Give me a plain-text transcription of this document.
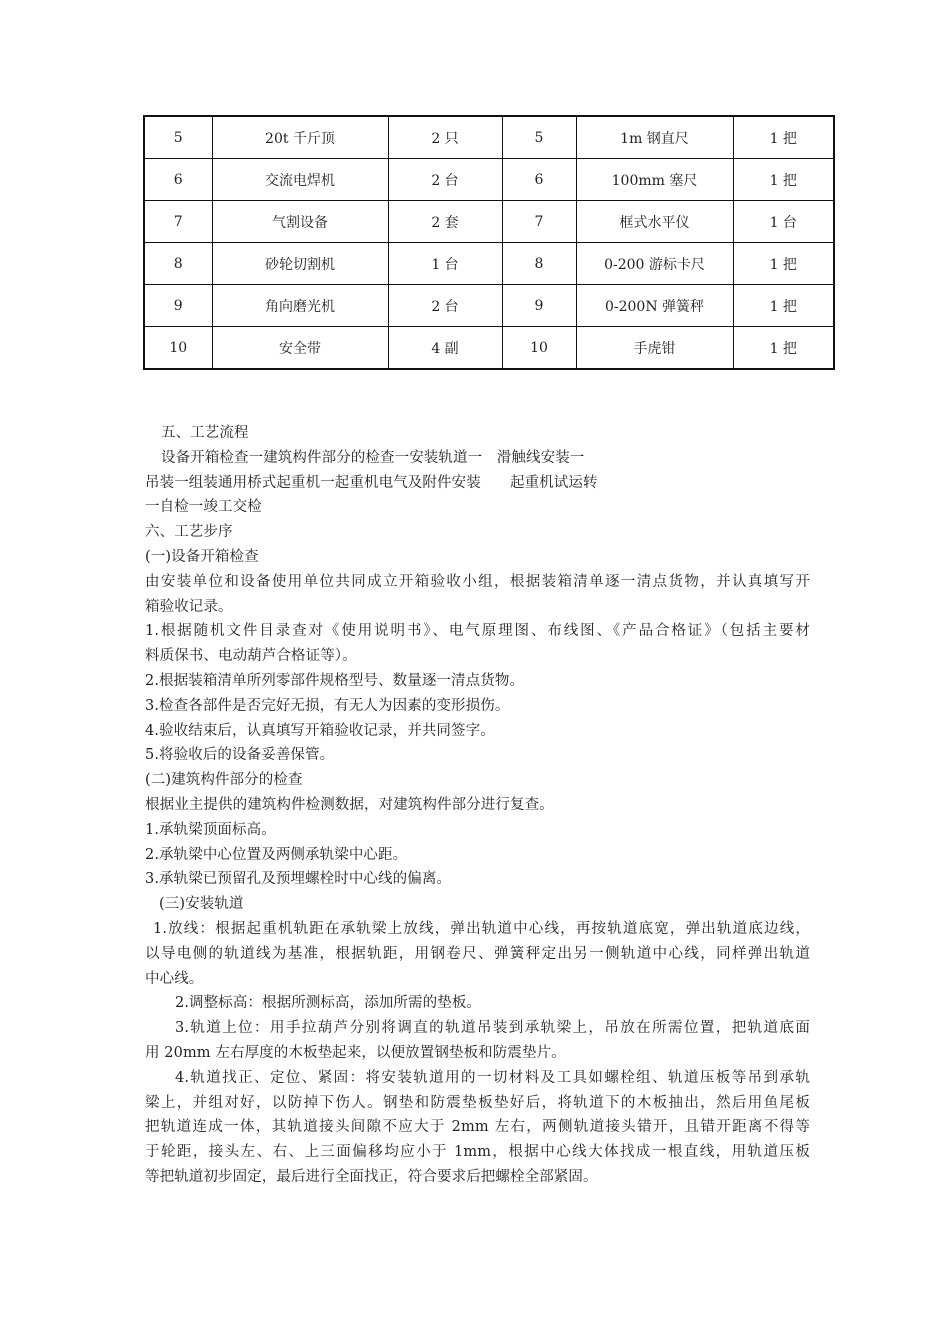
5	20t 千斤顶	2 只	5	1m 钢直尺	1 把
6	交流电焊机	2 台	6	100mm 塞尺	1 把
7	气割设备	2 套	7	框式水平仪	1 台
8	砂轮切割机	1 台	8	0-200 游标卡尺	1 把
9	角向磨光机	2 台	9	0-200N 弹簧秤	1 把
10	安全带	4 副	10	手虎钳	1 把
五、工艺流程
设备开箱检查一建筑构件部分的检查一安装轨道一　滑触线安装一
吊装一组装通用桥式起重机一起重机电气及附件安装　　起重机试运转
一自检一竣工交检
六、工艺步序
(一)设备开箱检查
由安装单位和设备使用单位共同成立开箱验收小组，根据装箱清单逐一清点货物，并认真填写开
箱验收记录。
1.根据随机文件目录查对《使用说明书》、电气原理图、布线图、《产品合格证》（包括主要材
料质保书、电动葫芦合格证等）。
2.根据装箱清单所列零部件规格型号、数量逐一清点货物。
3.检查各部件是否完好无损，有无人为因素的变形损伤。
4.验收结束后，认真填写开箱验收记录，并共同签字。
5.将验收后的设备妥善保管。
(二)建筑构件部分的检查
根据业主提供的建筑构件检测数据，对建筑构件部分进行复查。
1.承轨梁顶面标高。
2.承轨梁中心位置及两侧承轨梁中心距。
3.承轨梁已预留孔及预埋螺栓时中心线的偏离。
(三)安装轨道
1.放线：根据起重机轨距在承轨梁上放线，弹出轨道中心线，再按轨道底宽，弹出轨道底边线，
以导电侧的轨道线为基准，根据轨距，用钢卷尺、弹簧秤定出另一侧轨道中心线，同样弹出轨道
中心线。
2.调整标高：根据所测标高，添加所需的垫板。
3.轨道上位：用手拉葫芦分别将调直的轨道吊装到承轨梁上，吊放在所需位置，把轨道底面
用 20mm 左右厚度的木板垫起来，以便放置钢垫板和防震垫片。
4.轨道找正、定位、紧固：将安装轨道用的一切材料及工具如螺栓组、轨道压板等吊到承轨
梁上，并组对好，以防掉下伤人。钢垫和防震垫板垫好后，将轨道下的木板抽出，然后用鱼尾板
把轨道连成一体，其轨道接头间隙不应大于 2mm 左右，两侧轨道接头错开，且错开距离不得等
于轮距，接头左、右、上三面偏移均应小于 1mm，根据中心线大体找成一根直线，用轨道压板
等把轨道初步固定，最后进行全面找正，符合要求后把螺栓全部紧固。
